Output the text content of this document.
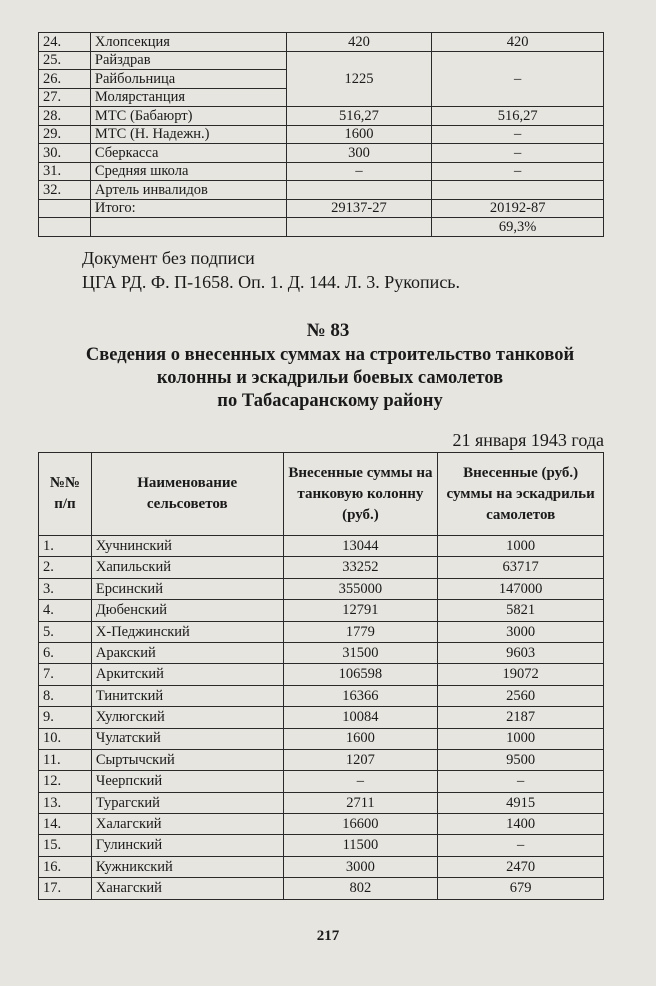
24.	Хлопсекция	420	420
25.	Райздрав	1225	–
26.	Райбольница		
27.	Молярстанция		
28.	МТС (Бабаюрт)	516,27	516,27
29.	МТС (Н. Надежн.)	1600	–
30.	Сберкасса	300	–
31.	Средняя школа	–	–
32.	Артель инвалидов		
	Итого:	29137-27	20192-87
			69,3%
Документ без подписи
ЦГА РД. Ф. П-1658. Оп. 1. Д. 144. Л. 3. Рукопись.
№ 83
Сведения о внесенных суммах на строительство танковой
колонны и эскадрильи боевых самолетов
по Табасаранскому району
21 января 1943 года
№№ п/п	Наименование сельсоветов	Внесенные суммы на танковую колонну (руб.)	Внесенные (руб.) суммы на эскадрильи самолетов
1.	Хучнинский	13044	1000
2.	Хапильский	33252	63717
3.	Ерсинский	355000	147000
4.	Дюбенский	12791	5821
5.	Х-Педжинский	1779	3000
6.	Аракский	31500	9603
7.	Аркитский	106598	19072
8.	Тинитский	16366	2560
9.	Хулюгский	10084	2187
10.	Чулатский	1600	1000
11.	Сыртычский	1207	9500
12.	Чеерпский	–	–
13.	Турагский	2711	4915
14.	Халагский	16600	1400
15.	Гулинский	11500	–
16.	Кужникский	3000	2470
17.	Ханагский	802	679
217
